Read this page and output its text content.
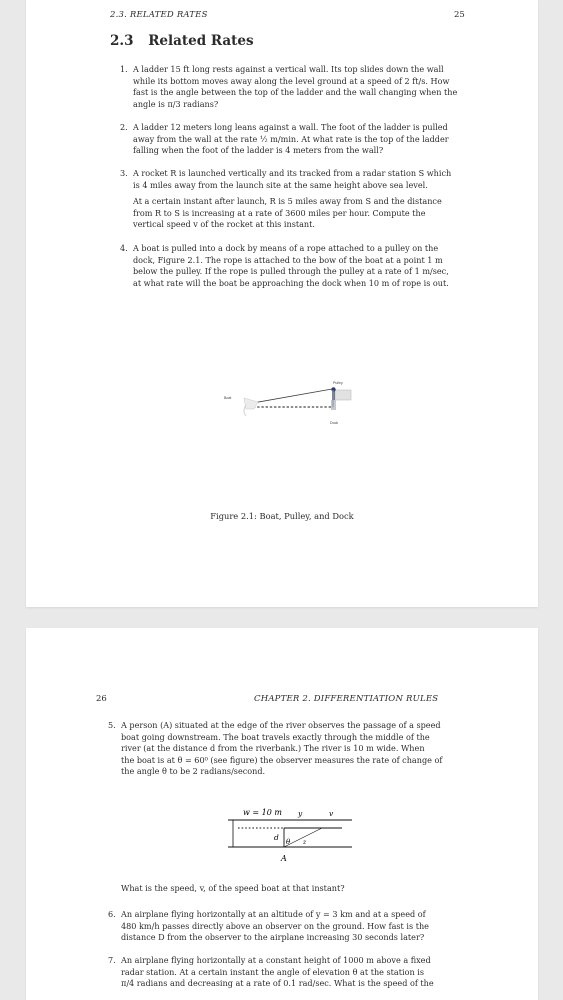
2.3. RELATED RATES	25
2.3 Related Rates
1. A ladder 15 ft long rests against a vertical wall. Its top slides down the wall
while its bottom moves away along the level ground at a speed of 2 ft/s. How
fast is the angle between the top of the ladder and the wall changing when the
angle is π/3 radians?
2. A ladder 12 meters long leans against a wall. The foot of the ladder is pulled
away from the wall at the rate ½ m/min. At what rate is the top of the ladder
falling when the foot of the ladder is 4 meters from the wall?
3. A rocket R is launched vertically and its tracked from a radar station S which
is 4 miles away from the launch site at the same height above sea level.
At a certain instant after launch, R is 5 miles away from S and the distance
from R to S is increasing at a rate of 3600 miles per hour. Compute the
vertical speed v of the rocket at this instant.
4. A boat is pulled into a dock by means of a rope attached to a pulley on the
dock, Figure 2.1. The rope is attached to the bow of the boat at a point 1 m
below the pulley. If the rope is pulled through the pulley at a rate of 1 m/sec,
at what rate will the boat be approaching the dock when 10 m of rope is out.
Pulley
Boat
Dock
Figure 2.1: Boat, Pulley, and Dock
26	CHAPTER 2. DIFFERENTIATION RULES
5. A person (A) situated at the edge of the river observes the passage of a speed
boat going downstream. The boat travels exactly through the middle of the
river (at the distance d from the riverbank.) The river is 10 m wide. When
the boat is at θ = 60⁰ (see figure) the observer measures the rate of change of
the angle θ to be 2 radians/second.
w = 10 m y	v
d θ z
A
What is the speed, v, of the speed boat at that instant?
6. An airplane flying horizontally at an altitude of y = 3 km and at a speed of
480 km/h passes directly above an observer on the ground. How fast is the
distance D from the observer to the airplane increasing 30 seconds later?
7. An airplane flying horizontally at a constant height of 1000 m above a fixed
radar station. At a certain instant the angle of elevation θ at the station is
π/4 radians and decreasing at a rate of 0.1 rad/sec. What is the speed of the
